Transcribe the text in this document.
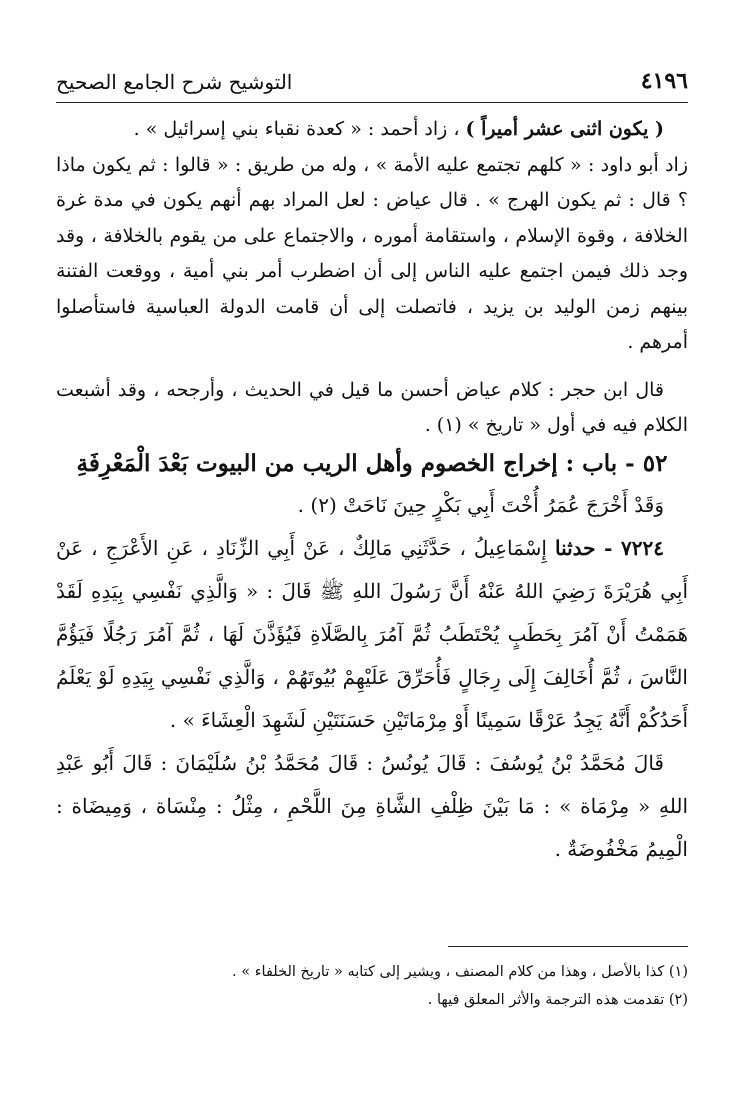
٤١٩٦
التوشيح شرح الجامع الصحيح

( يكون اثنى عشر أميراً ) ، زاد أحمد : « كعدة نقباء بني إسرائيل » .

زاد أبو داود : « كلهم تجتمع عليه الأمة » ، وله من طريق : « قالوا : ثم يكون ماذا ؟ قال : ثم يكون الهرج » . قال عياض : لعل المراد بهم أنهم يكون في مدة غرة الخلافة ، وقوة الإسلام ، واستقامة أموره ، والاجتماع على من يقوم بالخلافة ، وقد وجد ذلك فيمن اجتمع عليه الناس إلى أن اضطرب أمر بني أمية ، ووقعت الفتنة بينهم زمن الوليد بن يزيد ، فاتصلت إلى أن قامت الدولة العباسية فاستأصلوا أمرهم .

قال ابن حجر : كلام عياض أحسن ما قيل في الحديث ، وأرجحه ، وقد أشبعت الكلام فيه في أول « تاريخ » (١) .

٥٢ - باب : إخراج الخصوم وأهل الريب من البيوت بَعْدَ الْمَعْرِفَةِ

وَقَدْ أَخْرَجَ عُمَرُ أُخْتَ أَبِي بَكْرٍ حِينَ نَاحَتْ (٢) .

٧٢٢٤ - حدثنا إِسْمَاعِيلُ ، حَدَّثَنِي مَالِكٌ ، عَنْ أَبِي الزِّنَادِ ، عَنِ الأَعْرَجِ ، عَنْ أَبِي هُرَيْرَةَ رَضِيَ اللهُ عَنْهُ أَنَّ رَسُولَ اللهِ ﷺ قَالَ : « وَالَّذِي نَفْسِي بِيَدِهِ لَقَدْ هَمَمْتُ أَنْ آمُرَ بِحَطَبٍ يُحْتَطَبُ ثُمَّ آمُرَ بِالصَّلَاةِ فَيُؤَذَّنَ لَهَا ، ثُمَّ آمُرَ رَجُلًا فَيَؤُمَّ النَّاسَ ، ثُمَّ أُخَالِفَ إِلَى رِجَالٍ فَأُحَرِّقَ عَلَيْهِمْ بُيُوتَهُمْ ، وَالَّذِي نَفْسِي بِيَدِهِ لَوْ يَعْلَمُ أَحَدُكُمْ أَنَّهُ يَجِدُ عَرْقًا سَمِينًا أَوْ مِرْمَاتَيْنِ حَسَنَتَيْنِ لَشَهِدَ الْعِشَاءَ » .

قَالَ مُحَمَّدُ بْنُ يُوسُفَ : قَالَ يُونُسُ : قَالَ مُحَمَّدُ بْنُ سُلَيْمَانَ : قَالَ أَبُو عَبْدِ اللهِ « مِرْمَاة » : مَا بَيْنَ ظِلْفِ الشَّاةِ مِنَ اللَّحْمِ ، مِثْلُ : مِنْسَاة ، وَمِيضَاة : الْمِيمُ مَخْفُوضَةٌ .

(١) كذا بالأصل ، وهذا من كلام المصنف ، ويشير إلى كتابه « تاريخ الخلفاء » .

(٢) تقدمت هذه الترجمة والأثر المعلق فيها .
